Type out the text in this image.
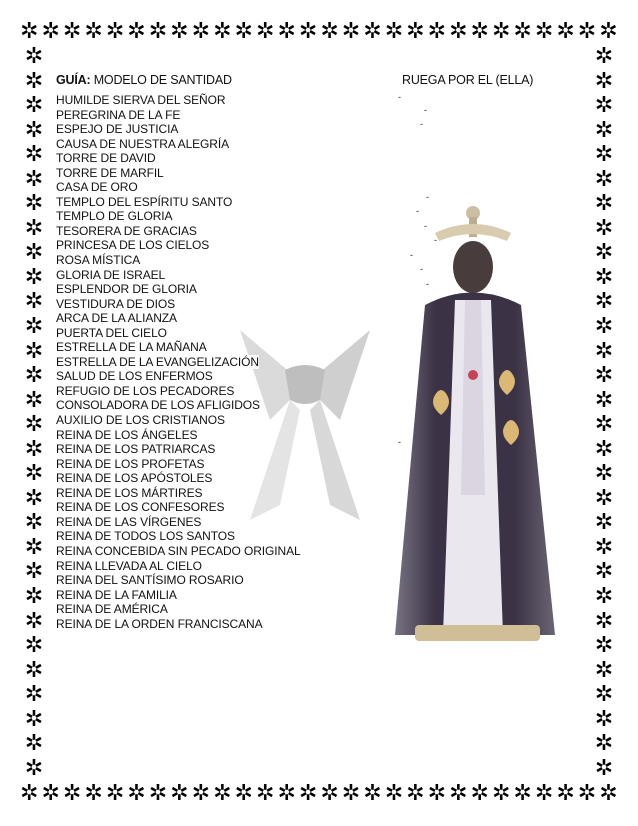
✲ ✲ ✲ ✲ ✲ ✲ ✲ ✲ ✲ ✲ ✲ ✲ ✲ ✲ ✲ ✲ ✲ ✲ ✲ ✲ ✲ ✲ ✲ ✲ ✲ ✲ ✲ ✲
✲ ✲ ✲ ✲ ✲ ✲ ✲ ✲ ✲ ✲ ✲ ✲ ✲ ✲ ✲ ✲ ✲ ✲ ✲ ✲ ✲ ✲ ✲ ✲ ✲ ✲ ✲ ✲
✲
✲
✲
✲
✲
✲
✲
✲
✲
✲
✲
✲
✲
✲
✲
✲
✲
✲
✲
✲
✲
✲
✲
✲
✲
✲
✲
✲
✲
✲
✲
✲
✲
✲
✲
✲
✲
✲
✲
✲
✲
✲
✲
✲
✲
✲
✲
✲
✲
✲
✲
✲
✲
✲
✲
✲
✲
✲
✲
✲
GUÍA: MODELO DE SANTIDAD	RUEGA POR EL (ELLA)
HUMILDE SIERVA DEL SEÑOR
PEREGRINA DE LA FE
ESPEJO DE JUSTICIA
CAUSA DE NUESTRA ALEGRÍA
TORRE DE DAVID
TORRE DE MARFIL
CASA DE ORO
TEMPLO DEL ESPÍRITU SANTO
TEMPLO DE GLORIA
TESORERA DE GRACIAS
PRINCESA DE LOS CIELOS
ROSA MÍSTICA
GLORIA DE ISRAEL
ESPLENDOR DE GLORIA
VESTIDURA DE DIOS
ARCA DE LA ALIANZA
PUERTA DEL CIELO
ESTRELLA DE LA MAÑANA
ESTRELLA DE LA EVANGELIZACIÓN
SALUD DE LOS ENFERMOS
REFUGIO DE LOS PECADORES
CONSOLADORA DE LOS AFLIGIDOS
AUXILIO DE LOS CRISTIANOS
REINA DE LOS ÁNGELES
REINA DE LOS PATRIARCAS
REINA DE LOS PROFETAS
REINA DE LOS APÓSTOLES
REINA DE LOS MÁRTIRES
REINA DE LOS CONFESORES
REINA DE LAS VÍRGENES
REINA DE TODOS LOS SANTOS
REINA CONCEBIDA SIN PECADO ORIGINAL
REINA LLEVADA AL CIELO
REINA DEL SANTÍSIMO ROSARIO
REINA DE LA FAMILIA
REINA DE AMÉRICA
REINA DE LA ORDEN FRANCISCANA
-
-
-
-
-
-
-
-
-
-
-
